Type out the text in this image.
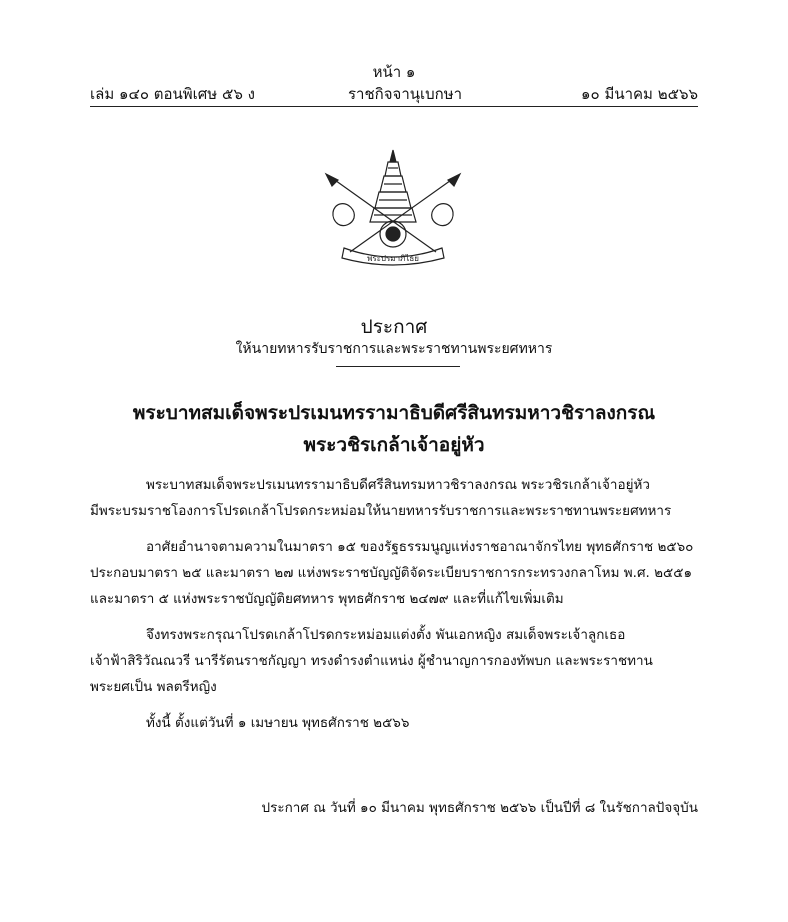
หน้า ๑
เล่ม ๑๔๐ ตอนพิเศษ ๕๖ ง	ราชกิจจานุเบกษา	๑๐ มีนาคม ๒๕๖๖
พระปรมาภิไธย
ประกาศ
ให้นายทหารรับราชการและพระราชทานพระยศทหาร
พระบาทสมเด็จพระปรเมนทรรามาธิบดีศรีสินทรมหาวชิราลงกรณ
พระวชิรเกล้าเจ้าอยู่หัว
พระบาทสมเด็จพระปรเมนทรรามาธิบดีศรีสินทรมหาวชิราลงกรณ พระวชิรเกล้าเจ้าอยู่หัว
มีพระบรมราชโองการโปรดเกล้าโปรดกระหม่อมให้นายทหารรับราชการและพระราชทานพระยศทหาร
อาศัยอำนาจตามความในมาตรา ๑๕ ของรัฐธรรมนูญแห่งราชอาณาจักรไทย พุทธศักราช ๒๕๖๐
ประกอบมาตรา ๒๕ และมาตรา ๒๗ แห่งพระราชบัญญัติจัดระเบียบราชการกระทรวงกลาโหม พ.ศ. ๒๕๕๑
และมาตรา ๕ แห่งพระราชบัญญัติยศทหาร พุทธศักราช ๒๔๗๙ และที่แก้ไขเพิ่มเติม
จึงทรงพระกรุณาโปรดเกล้าโปรดกระหม่อมแต่งตั้ง พันเอกหญิง สมเด็จพระเจ้าลูกเธอ
เจ้าฟ้าสิริวัณณวรี นารีรัตนราชกัญญา ทรงดำรงตำแหน่ง ผู้ชำนาญการกองทัพบก และพระราชทาน
พระยศเป็น พลตรีหญิง
ทั้งนี้ ตั้งแต่วันที่ ๑ เมษายน พุทธศักราช ๒๕๖๖
ประกาศ ณ วันที่ ๑๐ มีนาคม พุทธศักราช ๒๕๖๖ เป็นปีที่ ๘ ในรัชกาลปัจจุบัน
